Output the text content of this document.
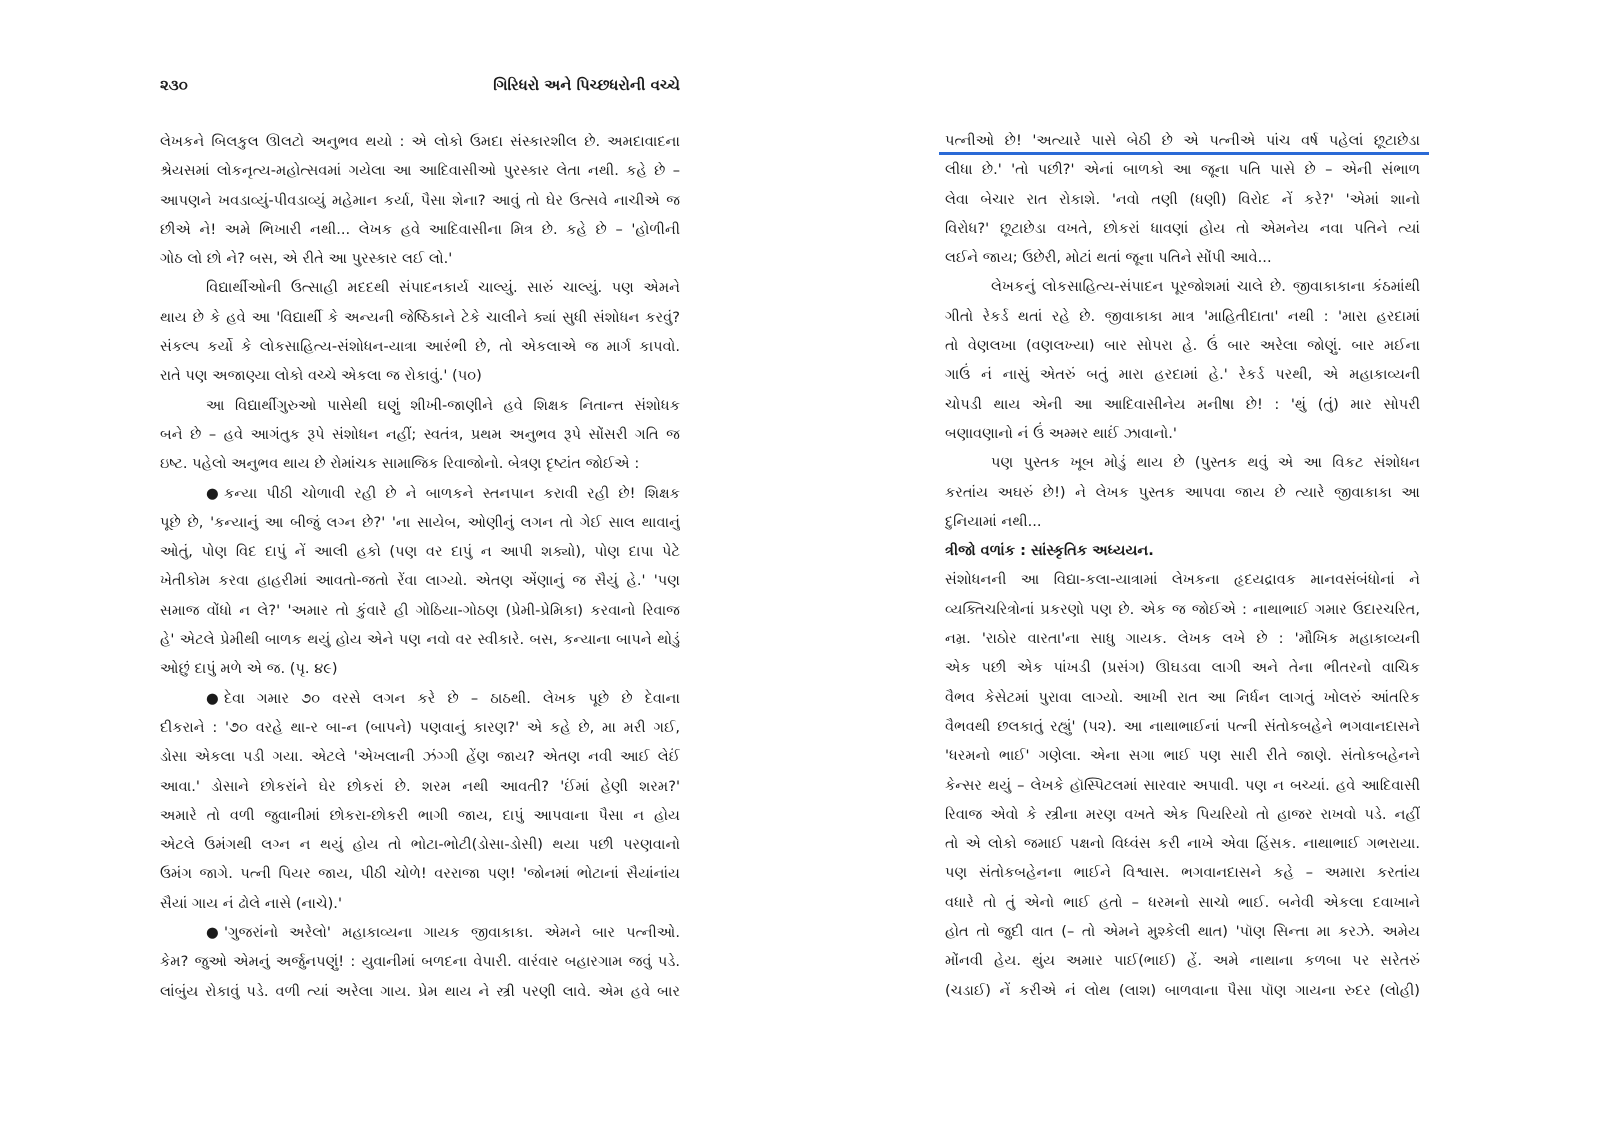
૨૩૦	ગિરિધરો અને પિચ્છધરોની વચ્ચે
લેખકને બિલકુલ ઊલટો અનુભવ થયો : એ લોકો ઉમદા સંસ્કારશીલ છે. અમદાવાદના
શ્રેયસમાં લોકનૃત્ય-મહોત્સવમાં ગયેલા આ આદિવાસીઓ પુરસ્કાર લેતા નથી. કહે છે –
આપણને ખવડાવ્યું-પીવડાવ્યું મહેમાન કર્યા, પૈસા શેના? આવું તો ઘેર ઉત્સવે નાચીએ જ
છીએ ને! અમે ભિખારી નથી... લેખક હવે આદિવાસીના મિત્ર છે. કહે છે – 'હોળીની
ગોઠ લો છો ને? બસ, એ રીતે આ પુરસ્કાર લઈ લો.'
વિદ્યાર્થીઓની ઉત્સાહી મદદથી સંપાદનકાર્ય ચાલ્યું. સારું ચાલ્યું. પણ એમને
થાય છે કે હવે આ 'વિદ્યાર્થી કે અન્યની જેષ્ઠિકાને ટેકે ચાલીને ક્યાં સુધી સંશોધન કરવું?
સંકલ્પ કર્યો કે લોકસાહિત્ય-સંશોધન-યાત્રા આરંભી છે, તો એકલાએ જ માર્ગ કાપવો.
રાતે પણ અજાણ્યા લોકો વચ્ચે એકલા જ રોકાવું.' (૫૦)
આ વિદ્યાર્થીગુરુઓ પાસેથી ઘણું શીખી-જાણીને હવે શિક્ષક નિતાન્ત સંશોધક
બને છે – હવે આગંતુક રૂપે સંશોધન નહીં; સ્વતંત્ર, પ્રથમ અનુભવ રૂપે સોંસરી ગતિ જ
ઇષ્ટ. પહેલો અનુભવ થાય છે રોમાંચક સામાજિક રિવાજોનો. બેત્રણ દૃષ્ટાંત જોઈએ :
● કન્યા પીઠી ચોળાવી રહી છે ને બાળકને સ્તનપાન કરાવી રહી છે! શિક્ષક
પૂછે છે, 'કન્યાનું આ બીજું લગ્ન છે?' 'ના સાયેબ, ઓણીનું લગન તો ગેઈ સાલ થાવાનું
ઓતું, પોણ વિદ દાપું નેં આલી હકો (પણ વર દાપું ન આપી શક્યો), પોણ દાપા પેટે
ખેતીકોમ કરવા હાહરીમાં આવતો-જતો રેંવા લાગ્યો. એતણ એંણાનું જ સૈયું હે.' 'પણ
સમાજ વોંધો ન લે?' 'અમાર તો કુંવારે હી ગોઠિયા-ગોઠણ (પ્રેમી-પ્રેમિકા) કરવાનો રિવાજ
હે' એટલે પ્રેમીથી બાળક થયું હોય એને પણ નવો વર સ્વીકારે. બસ, કન્યાના બાપને થોડું
ઓછું દાપું મળે એ જ. (પૃ. ૪૯)
● દેવા ગમાર ૭૦ વરસે લગન કરે છે – ઠાઠથી. લેખક પૂછે છે દેવાના
દીકરાને : '૭૦ વરહે થા-ર બા-ન (બાપને) પણવાનું કારણ?' એ કહે છે, મા મરી ગઈ,
ડોસા એકલા પડી ગયા. એટલે 'એખલાની ઝંગ્ગી હેંણ જાય? એતણ નવી આઈ લેઈં
આવા.' ડોસાને છોકરાંને ઘેર છોકરાં છે. શરમ નથી આવતી? 'ઈંમાં હેણી શરમ?'
અમારે તો વળી જુવાનીમાં છોકરા-છોકરી ભાગી જાય, દાપું આપવાના પૈસા ન હોય
એટલે ઉમંગથી લગ્ન ન થયું હોય તો ભોટા-ભોટી(ડોસા-ડોસી) થયા પછી પરણવાનો
ઉમંગ જાગે. પત્ની પિયર જાય, પીઠી ચોળે! વરરાજા પણ! 'જોનમાં ભોટાનાં સૈયાંનાંય
સૈયાં ગાય નં ઢોલે નાસે (નાચે).'
● 'ગુજરાંનો અરેલો' મહાકાવ્યના ગાયક જીવાકાકા. એમને બાર પત્નીઓ.
કેમ? જુઓ એમનું અર્જુનપણું! : યુવાનીમાં બળદના વેપારી. વારંવાર બહારગામ જવું પડે.
લાંબુંય રોકાવું પડે. વળી ત્યાં અરેલા ગાય. પ્રેમ થાય ને સ્ત્રી પરણી લાવે. એમ હવે બાર
પત્નીઓ છે! 'અત્યારે પાસે બેઠી છે એ પત્નીએ પાંચ વર્ષ પહેલાં છૂટાછેડા
લીધા છે.' 'તો પછી?' એનાં બાળકો આ જૂના પતિ પાસે છે – એની સંભાળ
લેવા બેચાર રાત રોકાશે. 'નવો તણી (ધણી) વિરોદ નેં કરે?' 'એમાં શાનો
વિરોધ?' છૂટાછેડા વખતે, છોકરાં ધાવણાં હોય તો એમનેય નવા પતિને ત્યાં
લઈને જાય; ઉછેરી, મોટાં થતાં જૂના પતિને સોંપી આવે...
લેખકનું લોકસાહિત્ય-સંપાદન પૂરજોશમાં ચાલે છે. જીવાકાકાના કંઠમાંથી
ગીતો રેકર્ડ થતાં રહે છે. જીવાકાકા માત્ર 'માહિતીદાતા' નથી : 'મારા હરદામાં
તો વેણલખા (વણલખ્યા) બાર સોપરા હે. ઉં બાર અરેલા જોણું. બાર મઈના
ગાઉં નં નાસું એતરું બતું મારા હરદામાં હે.' રેકર્ડ પરથી, એ મહાકાવ્યની
ચોપડી થાય એની આ આદિવાસીનેય મનીષા છે! : 'થું (તું) માર સોપરી
બણાવણાનો નં ઉં અમ્મર થાઈં ઝાવાનો.'
પણ પુસ્તક ખૂબ મોડું થાય છે (પુસ્તક થવું એ આ વિકટ સંશોધન
કરતાંય અઘરું છે!) ને લેખક પુસ્તક આપવા જાય છે ત્યારે જીવાકાકા આ
દુનિયામાં નથી...
ત્રીજો વળાંક : સાંસ્કૃતિક અધ્યયન.
સંશોધનની આ વિદ્યા-કલા-યાત્રામાં લેખકના હૃદયદ્રાવક માનવસંબંધોનાં ને
વ્યક્તિચરિત્રોનાં પ્રકરણો પણ છે. એક જ જોઈએ : નાથાભાઈ ગમાર ઉદારચરિત,
નમ્ર. 'રાઠોર વારતા'ના સાધુ ગાયક. લેખક લખે છે : 'મૌખિક મહાકાવ્યની
એક પછી એક પાંખડી (પ્રસંગ) ઊઘડવા લાગી અને તેના ભીતરનો વાચિક
વૈભવ કેસેટમાં પુરાવા લાગ્યો. આખી રાત આ નિર્ધન લાગતું ખોલરું આંતરિક
વૈભવથી છલકાતું રહ્યું' (૫૨). આ નાથાભાઈનાં પત્ની સંતોકબહેને ભગવાનદાસને
'ધરમનો ભાઈ' ગણેલા. એના સગા ભાઈ પણ સારી રીતે જાણે. સંતોકબહેનને
કેન્સર થયું – લેખકે હૉસ્પિટલમાં સારવાર અપાવી. પણ ન બચ્યાં. હવે આદિવાસી
રિવાજ એવો કે સ્ત્રીના મરણ વખતે એક પિયરિયો તો હાજર રાખવો પડે. નહીં
તો એ લોકો જમાઈ પક્ષનો વિધ્વંસ કરી નાખે એવા હિંસક. નાથાભાઈ ગભરાયા.
પણ સંતોકબહેનના ભાઈને વિશ્વાસ. ભગવાનદાસને કહે – અમારા કરતાંય
વધારે તો તું એનો ભાઈ હતો – ધરમનો સાચો ભાઈ. બનેવી એકલા દવાખાને
હોત તો જુદી વાત (– તો એમને મુશ્કેલી થાત) 'પૉણ સિન્તા મા કરઝે. અમેય
મોંનવી હેય. થુંય અમાર પાઈ(ભાઈ) હેં. અમે નાથાના કળબા પર સરેતરું
(ચડાઈ) નેં કરીએ નં લોથ (લાશ) બાળવાના પૈસા પૉણ ગાયના રુદર (લોહી)
